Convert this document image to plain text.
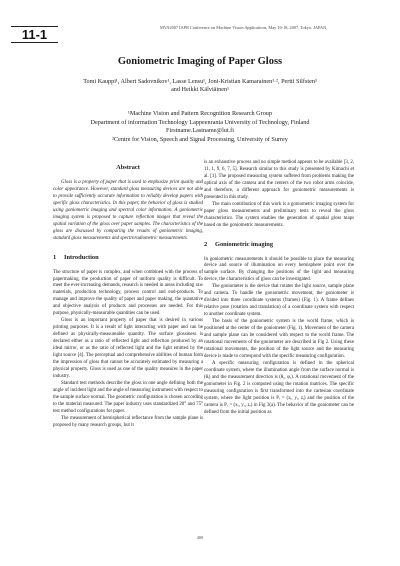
11-1	MVA2007 IAPR Conference on Machine Vision Applications, May 16-18, 2007, Tokyo, JAPAN
Goniometric Imaging of Paper Gloss
Tomi Kauppi¹, Albert Sadovnikov¹, Lasse Lensu¹, Joni-Kristian Kamarainen¹·², Pertti Silfsten³
and Heikki Kälviäinen¹
¹Machine Vision and Pattern Recognition Research Group
Department of information Technology Lappeenranta University of Technology, Finland
Firstname.Lastname@lut.fi
²Centre for Vision, Speech and Signal Processing, University of Surrey
Abstract

Gloss is a property of paper that is used to emphasize print quality and color appearance. However, standard gloss measuring devices are not able to provide sufficiently accurate information to reliably develop papers with specific gloss characteristics. In this paper, the behavior of gloss is studied using goniometric imaging and spectral color information. A goniometric imaging system is proposed to capture reflection images that reveal the spatial variation of the gloss over paper samples. The characteristics of the gloss are discussed by comparing the results of goniometric imaging, standard gloss measurements and spectroradiometric measurements.

1 Introduction

The structure of paper is complex, and when combined with the process of papermaking, the production of paper of uniform quality is difficult. To meet the ever-increasing demands, research is needed in areas including raw materials, production technology, process control and end-products. To manage and improve the quality of paper and paper making, the quantative and objective analysis of products and processes are needed. For this purpose, physically-measurable quantities can be used.

Gloss is an important property of paper that is desired in various printing purposes. It is a result of light interacting with paper and can be defined as physically-measureable quantity. The surface glossiness is declared either as a ratio of reflected light and reflection produced by an ideal mirror, or as the ratio of reflected light and the light emitted by the light source [4]. The perceptual and comprehensive abilities of human form the impression of gloss that cannot be accurately estimated by measuring a physical property. Gloss is used as one of the quality measures in the paper industry.

Standard test methods describe the gloss in one angle defining both the angle of incident light and the angle of measuring instrument with respect to the sample surface normal. The geometric configuration is chosen according to the material measured. The paper industry uses standardized 20° and 75° test method configurations for paper.

The measurement of hemispherical reflectance from the sample plane is proposed by many research groups, but it

is an exhaustive process and no simple method appears to be available [3, 2, 11, 1, 9, 6, 7, 5]. Research similar to this study is presented by Kimachi et al. [1]. The proposed measuring system suffered from problems making the optical axis of the camera and the centers of the two robot arms coincide, and therefore, a different approach for goniometric measurements is presented in this study.

The main contribution of this work is a goniometric imaging system for paper gloss measurements and preliminary tests to reveal the gloss characteristics. The system enables the generation of spatial gloss maps based on the goniometric measurements.

2 Goniometric imaging

In goniometric measurements it should be possible to place the measuring device and source of illumination on every hemisphere point over the sample surface. By changing the positions of the light and measuring device, the characteristics of gloss can be investigated.

The goniometer is the device that rotates the light source, sample plane and camera. To handle the goniometric movement, the goniometer is divided into three coordinate systems (frames) (Fig. 1). A frame defines relative pose (rotation and translation) of a coordinate system with respect to another coordinate system.

The basis of the goniometric system is the world frame, which is positioned at the center of the goniometer (Fig. 1). Movement of the camera and sample plane can be considered with respect to the world frame. The rotational movements of the goniometer are described in Fig 2. Using these rotational movements, the position of the light source and the measuring device is made to correspond with the specific measuring configuration.

A specific measuring configuration is defined in the spherical coordinate system, where the illumination angle from the surface normal is (θᵢ) and the measurement direction is (θᵣ, φᵣ). A rotational movement of the goniometer in Fig. 2 is computed using the rotation matrices. The specific measuring configuration is first transformed into the cartesian coordinate system, where the light position is Pᵢ = (xᵢ, yᵢ, zᵢ) and the position of the camera is Pᵣ = (xᵣ, yᵣ, zᵣ) in Fig 3(a). The behavior of the goniometer can be defined from the initial position as

400
